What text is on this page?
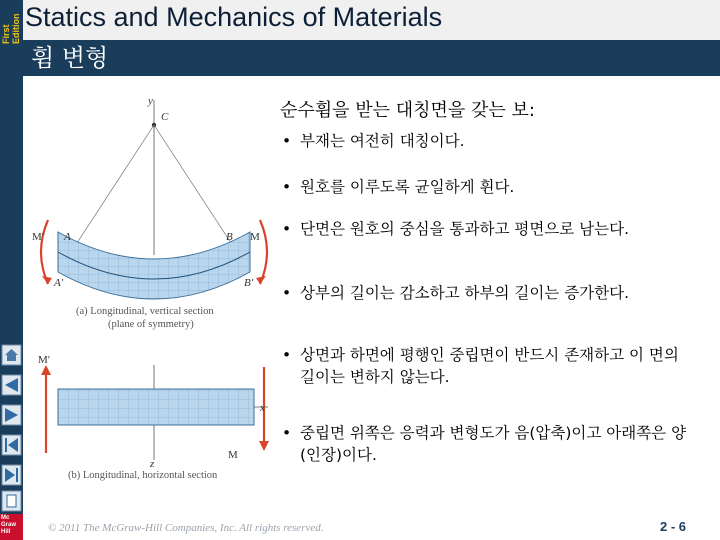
First Edition Statics and Mechanics of Materials
휨 변형
y
C
M′ A	B M
A′	B′
(a) Longitudinal, vertical section
(plane of symmetry)
M′
M
x
z
(b) Longitudinal, horizontal section
순수휨을 받는 대칭면을 갖는 보:
• 부재는 여전히 대칭이다.
• 원호를 이루도록 균일하게 휜다.
• 단면은 원호의 중심을 통과하고 평면으로 남는다.
• 상부의 길이는 감소하고 하부의 길이는 증가한다.
• 상면과 하면에 평행인 중립면이 반드시 존재하고 이 면의 길이는 변하지 않는다.
• 중립면 위쪽은 응력과 변형도가 음(압축)이고 아래쪽은 양(인장)이다.
© 2011 The McGraw-Hill Companies, Inc. All rights reserved.	2 - 6
Mc Graw Hill
